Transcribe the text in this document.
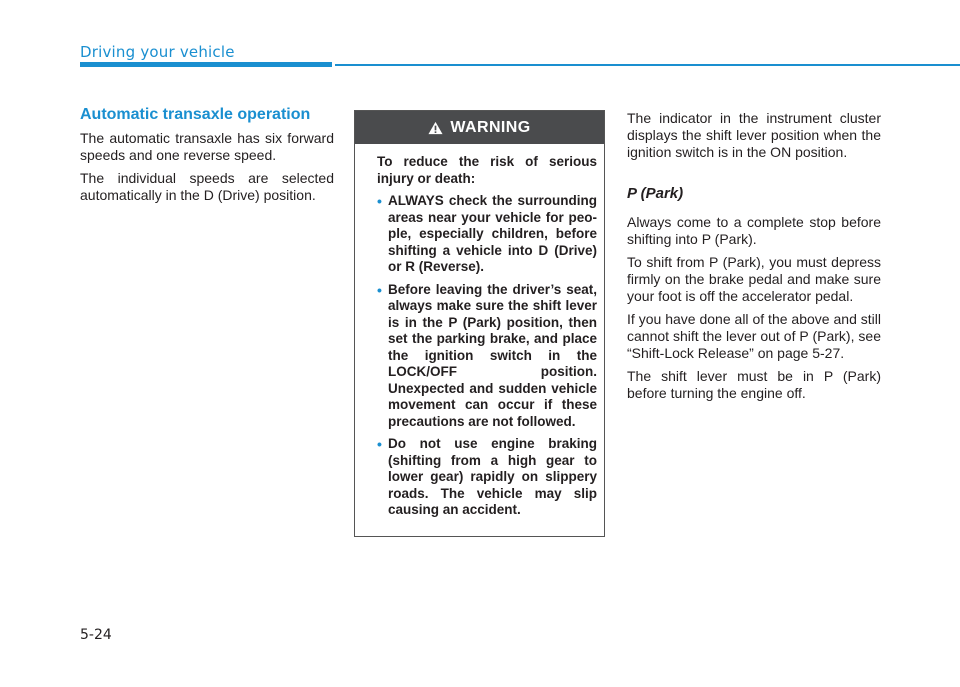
Driving your vehicle
Automatic transaxle operation

The automatic transaxle has six forward speeds and one reverse speed.

The individual speeds are selected automatically in the D (Drive) position.

WARNING

To reduce the risk of serious injury or death:

• ALWAYS check the surrounding areas near your vehicle for people, especially children, before shifting a vehicle into D (Drive) or R (Reverse).
• Before leaving the driver’s seat, always make sure the shift lever is in the P (Park) position, then set the parking brake, and place the ignition switch in the LOCK/OFF position. Unexpected and sudden vehicle movement can occur if these precautions are not followed.
• Do not use engine braking (shifting from a high gear to lower gear) rapidly on slippery roads. The vehicle may slip causing an accident.

The indicator in the instrument cluster displays the shift lever position when the ignition switch is in the ON position.

P (Park)

Always come to a complete stop before shifting into P (Park).

To shift from P (Park), you must depress firmly on the brake pedal and make sure your foot is off the accelerator pedal.

If you have done all of the above and still cannot shift the lever out of P (Park), see “Shift-Lock Release” on page 5-27.

The shift lever must be in P (Park) before turning the engine off.

5-24
